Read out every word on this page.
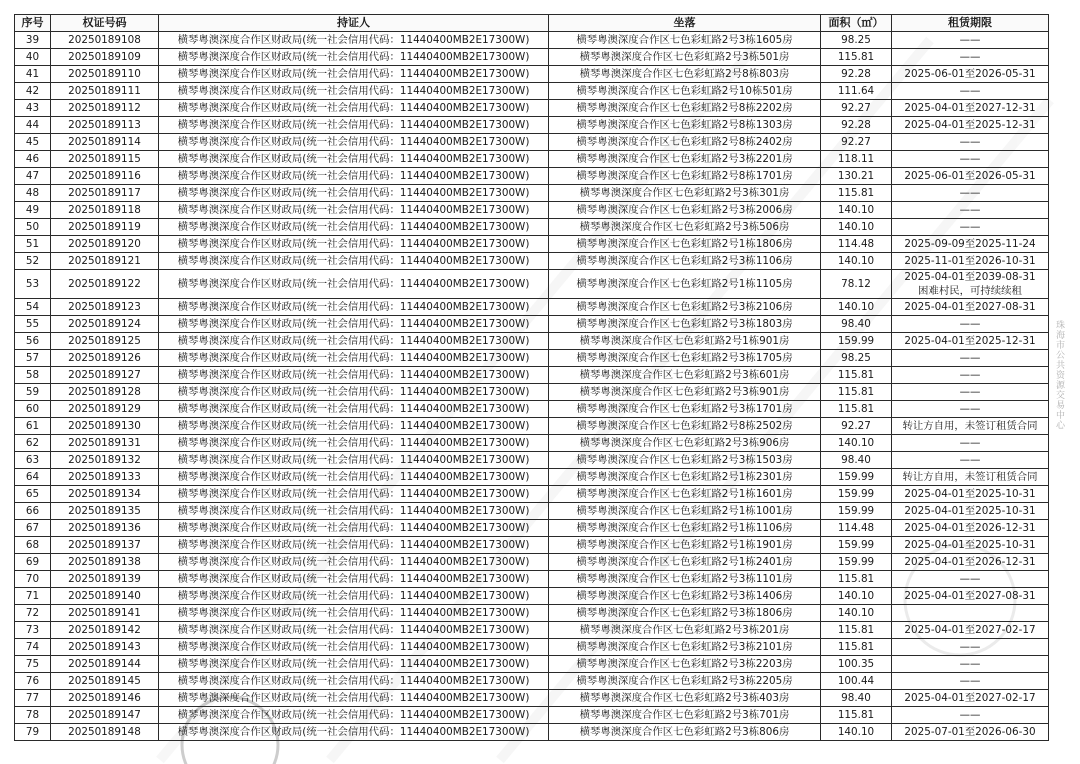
序号	权证号码	持证人	坐落	面积（㎡）	租赁期限
39	20250189108	横琴粤澳深度合作区财政局(统一社会信用代码：11440400MB2E17300W)	横琴粤澳深度合作区七色彩虹路2号3栋1605房	98.25	——
40	20250189109	横琴粤澳深度合作区财政局(统一社会信用代码：11440400MB2E17300W)	横琴粤澳深度合作区七色彩虹路2号3栋501房	115.81	——
41	20250189110	横琴粤澳深度合作区财政局(统一社会信用代码：11440400MB2E17300W)	横琴粤澳深度合作区七色彩虹路2号8栋803房	92.28	2025-06-01至2026-05-31
42	20250189111	横琴粤澳深度合作区财政局(统一社会信用代码：11440400MB2E17300W)	横琴粤澳深度合作区七色彩虹路2号10栋501房	111.64	——
43	20250189112	横琴粤澳深度合作区财政局(统一社会信用代码：11440400MB2E17300W)	横琴粤澳深度合作区七色彩虹路2号8栋2202房	92.27	2025-04-01至2027-12-31
44	20250189113	横琴粤澳深度合作区财政局(统一社会信用代码：11440400MB2E17300W)	横琴粤澳深度合作区七色彩虹路2号8栋1303房	92.28	2025-04-01至2025-12-31
45	20250189114	横琴粤澳深度合作区财政局(统一社会信用代码：11440400MB2E17300W)	横琴粤澳深度合作区七色彩虹路2号8栋2402房	92.27	——
46	20250189115	横琴粤澳深度合作区财政局(统一社会信用代码：11440400MB2E17300W)	横琴粤澳深度合作区七色彩虹路2号3栋2201房	118.11	——
47	20250189116	横琴粤澳深度合作区财政局(统一社会信用代码：11440400MB2E17300W)	横琴粤澳深度合作区七色彩虹路2号8栋1701房	130.21	2025-06-01至2026-05-31
48	20250189117	横琴粤澳深度合作区财政局(统一社会信用代码：11440400MB2E17300W)	横琴粤澳深度合作区七色彩虹路2号3栋301房	115.81	——
49	20250189118	横琴粤澳深度合作区财政局(统一社会信用代码：11440400MB2E17300W)	横琴粤澳深度合作区七色彩虹路2号3栋2006房	140.10	——
50	20250189119	横琴粤澳深度合作区财政局(统一社会信用代码：11440400MB2E17300W)	横琴粤澳深度合作区七色彩虹路2号3栋506房	140.10	——
51	20250189120	横琴粤澳深度合作区财政局(统一社会信用代码：11440400MB2E17300W)	横琴粤澳深度合作区七色彩虹路2号1栋1806房	114.48	2025-09-09至2025-11-24
52	20250189121	横琴粤澳深度合作区财政局(统一社会信用代码：11440400MB2E17300W)	横琴粤澳深度合作区七色彩虹路2号3栋1106房	140.10	2025-11-01至2026-10-31
53	20250189122	横琴粤澳深度合作区财政局(统一社会信用代码：11440400MB2E17300W)	横琴粤澳深度合作区七色彩虹路2号1栋1105房	78.12	2025-04-01至2039-08-31
困难村民，可持续续租

54	20250189123	横琴粤澳深度合作区财政局(统一社会信用代码：11440400MB2E17300W)	横琴粤澳深度合作区七色彩虹路2号3栋2106房	140.10	2025-04-01至2027-08-31
55	20250189124	横琴粤澳深度合作区财政局(统一社会信用代码：11440400MB2E17300W)	横琴粤澳深度合作区七色彩虹路2号3栋1803房	98.40	——
56	20250189125	横琴粤澳深度合作区财政局(统一社会信用代码：11440400MB2E17300W)	横琴粤澳深度合作区七色彩虹路2号1栋901房	159.99	2025-04-01至2025-12-31
57	20250189126	横琴粤澳深度合作区财政局(统一社会信用代码：11440400MB2E17300W)	横琴粤澳深度合作区七色彩虹路2号3栋1705房	98.25	——
58	20250189127	横琴粤澳深度合作区财政局(统一社会信用代码：11440400MB2E17300W)	横琴粤澳深度合作区七色彩虹路2号3栋601房	115.81	——
59	20250189128	横琴粤澳深度合作区财政局(统一社会信用代码：11440400MB2E17300W)	横琴粤澳深度合作区七色彩虹路2号3栋901房	115.81	——
60	20250189129	横琴粤澳深度合作区财政局(统一社会信用代码：11440400MB2E17300W)	横琴粤澳深度合作区七色彩虹路2号3栋1701房	115.81	——
61	20250189130	横琴粤澳深度合作区财政局(统一社会信用代码：11440400MB2E17300W)	横琴粤澳深度合作区七色彩虹路2号8栋2502房	92.27	转让方自用，未签订租赁合同
62	20250189131	横琴粤澳深度合作区财政局(统一社会信用代码：11440400MB2E17300W)	横琴粤澳深度合作区七色彩虹路2号3栋906房	140.10	——
63	20250189132	横琴粤澳深度合作区财政局(统一社会信用代码：11440400MB2E17300W)	横琴粤澳深度合作区七色彩虹路2号3栋1503房	98.40	——
64	20250189133	横琴粤澳深度合作区财政局(统一社会信用代码：11440400MB2E17300W)	横琴粤澳深度合作区七色彩虹路2号1栋2301房	159.99	转让方自用，未签订租赁合同
65	20250189134	横琴粤澳深度合作区财政局(统一社会信用代码：11440400MB2E17300W)	横琴粤澳深度合作区七色彩虹路2号1栋1601房	159.99	2025-04-01至2025-10-31
66	20250189135	横琴粤澳深度合作区财政局(统一社会信用代码：11440400MB2E17300W)	横琴粤澳深度合作区七色彩虹路2号1栋1001房	159.99	2025-04-01至2025-10-31
67	20250189136	横琴粤澳深度合作区财政局(统一社会信用代码：11440400MB2E17300W)	横琴粤澳深度合作区七色彩虹路2号1栋1106房	114.48	2025-04-01至2026-12-31
68	20250189137	横琴粤澳深度合作区财政局(统一社会信用代码：11440400MB2E17300W)	横琴粤澳深度合作区七色彩虹路2号1栋1901房	159.99	2025-04-01至2025-10-31
69	20250189138	横琴粤澳深度合作区财政局(统一社会信用代码：11440400MB2E17300W)	横琴粤澳深度合作区七色彩虹路2号1栋2401房	159.99	2025-04-01至2026-12-31
70	20250189139	横琴粤澳深度合作区财政局(统一社会信用代码：11440400MB2E17300W)	横琴粤澳深度合作区七色彩虹路2号3栋1101房	115.81	——
71	20250189140	横琴粤澳深度合作区财政局(统一社会信用代码：11440400MB2E17300W)	横琴粤澳深度合作区七色彩虹路2号3栋1406房	140.10	2025-04-01至2027-08-31
72	20250189141	横琴粤澳深度合作区财政局(统一社会信用代码：11440400MB2E17300W)	横琴粤澳深度合作区七色彩虹路2号3栋1806房	140.10	
73	20250189142	横琴粤澳深度合作区财政局(统一社会信用代码：11440400MB2E17300W)	横琴粤澳深度合作区七色彩虹路2号3栋201房	115.81	2025-04-01至2027-02-17
74	20250189143	横琴粤澳深度合作区财政局(统一社会信用代码：11440400MB2E17300W)	横琴粤澳深度合作区七色彩虹路2号3栋2101房	115.81	——
75	20250189144	横琴粤澳深度合作区财政局(统一社会信用代码：11440400MB2E17300W)	横琴粤澳深度合作区七色彩虹路2号3栋2203房	100.35	——
76	20250189145	横琴粤澳深度合作区财政局(统一社会信用代码：11440400MB2E17300W)	横琴粤澳深度合作区七色彩虹路2号3栋2205房	100.44	——
77	20250189146	横琴粤澳深度合作区财政局(统一社会信用代码：11440400MB2E17300W)	横琴粤澳深度合作区七色彩虹路2号3栋403房	98.40	2025-04-01至2027-02-17
78	20250189147	横琴粤澳深度合作区财政局(统一社会信用代码：11440400MB2E17300W)	横琴粤澳深度合作区七色彩虹路2号3栋701房	115.81	——
79	20250189148	横琴粤澳深度合作区财政局(统一社会信用代码：11440400MB2E17300W)	横琴粤澳深度合作区七色彩虹路2号3栋806房	140.10	2025-07-01至2026-06-30
珠海市公共资源交易中心
